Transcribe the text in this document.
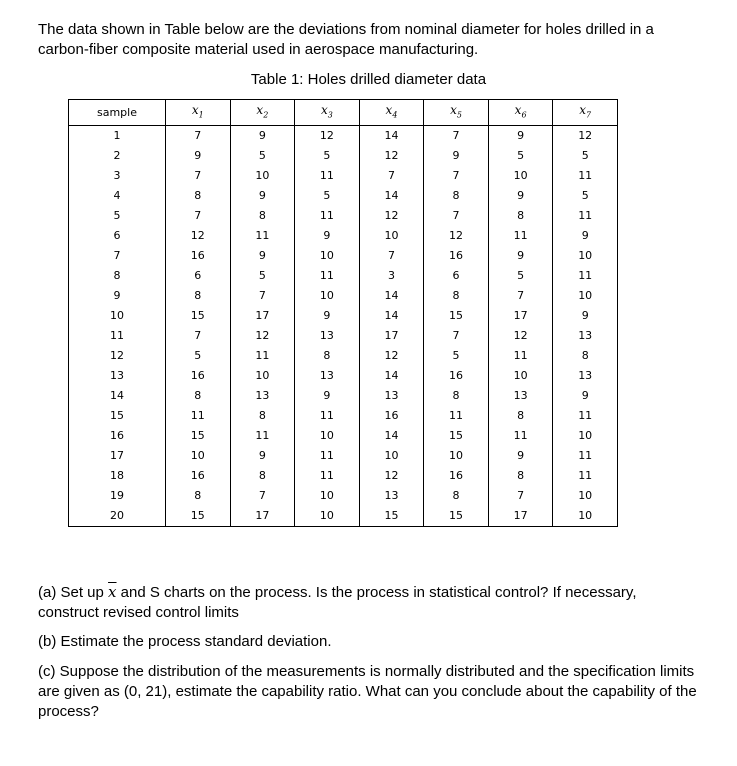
The data shown in Table below are the deviations from nominal diameter for holes drilled in a carbon-fiber composite material used in aerospace manufacturing.

Table 1: Holes drilled diameter data
sample	$x_1$	$x_2$	$x_3$	$x_4$	$x_5$	$x_6$	$x_7$
1	7	9	12	14	7	9	12
2	9	5	5	12	9	5	5
3	7	10	11	7	7	10	11
4	8	9	5	14	8	9	5
5	7	8	11	12	7	8	11
6	12	11	9	10	12	11	9
7	16	9	10	7	16	9	10
8	6	5	11	3	6	5	11
9	8	7	10	14	8	7	10
10	15	17	9	14	15	17	9
11	7	12	13	17	7	12	13
12	5	11	8	12	5	11	8
13	16	10	13	14	16	10	13
14	8	13	9	13	8	13	9
15	11	8	11	16	11	8	11
16	15	11	10	14	15	11	10
17	10	9	11	10	10	9	11
18	16	8	11	12	16	8	11
19	8	7	10	13	8	7	10
20	15	17	10	15	15	17	10

(a) Set up $\overline{x}$ and S charts on the process. Is the process in statistical control? If necessary, construct revised control limits

(b) Estimate the process standard deviation.

(c) Suppose the distribution of the measurements is normally distributed and the specification limits are given as (0, 21), estimate the capability ratio. What can you conclude about the capability of the process?
